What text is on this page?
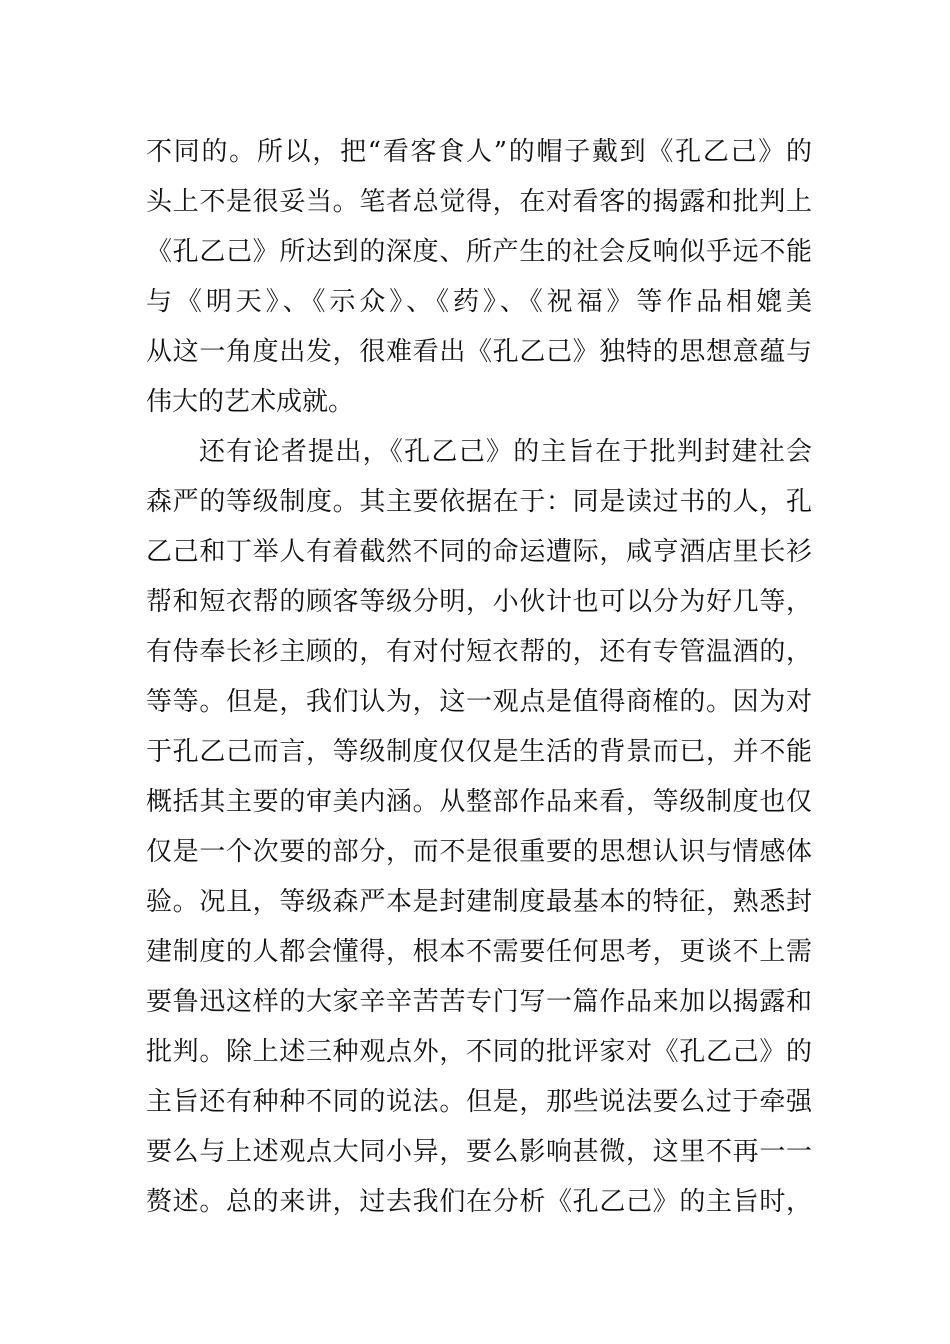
不同的。所以，把“看客食人”的帽子戴到《孔乙己》的
头上不是很妥当。笔者总觉得，在对看客的揭露和批判上
《孔乙己》所达到的深度、所产生的社会反响似乎远不能
与《明天》、《示众》、《药》、《祝福》等作品相媲美
从这一角度出发，很难看出《孔乙己》独特的思想意蕴与
伟大的艺术成就。
还有论者提出，《孔乙己》的主旨在于批判封建社会
森严的等级制度。其主要依据在于：同是读过书的人，孔
乙己和丁举人有着截然不同的命运遭际，咸亨酒店里长衫
帮和短衣帮的顾客等级分明，小伙计也可以分为好几等，
有侍奉长衫主顾的，有对付短衣帮的，还有专管温酒的，
等等。但是，我们认为，这一观点是值得商榷的。因为对
于孔乙己而言，等级制度仅仅是生活的背景而已，并不能
概括其主要的审美内涵。从整部作品来看，等级制度也仅
仅是一个次要的部分，而不是很重要的思想认识与情感体
验。况且，等级森严本是封建制度最基本的特征，熟悉封
建制度的人都会懂得，根本不需要任何思考，更谈不上需
要鲁迅这样的大家辛辛苦苦专门写一篇作品来加以揭露和
批判。除上述三种观点外，不同的批评家对《孔乙己》的
主旨还有种种不同的说法。但是，那些说法要么过于牵强
要么与上述观点大同小异，要么影响甚微，这里不再一一
赘述。总的来讲，过去我们在分析《孔乙己》的主旨时，
